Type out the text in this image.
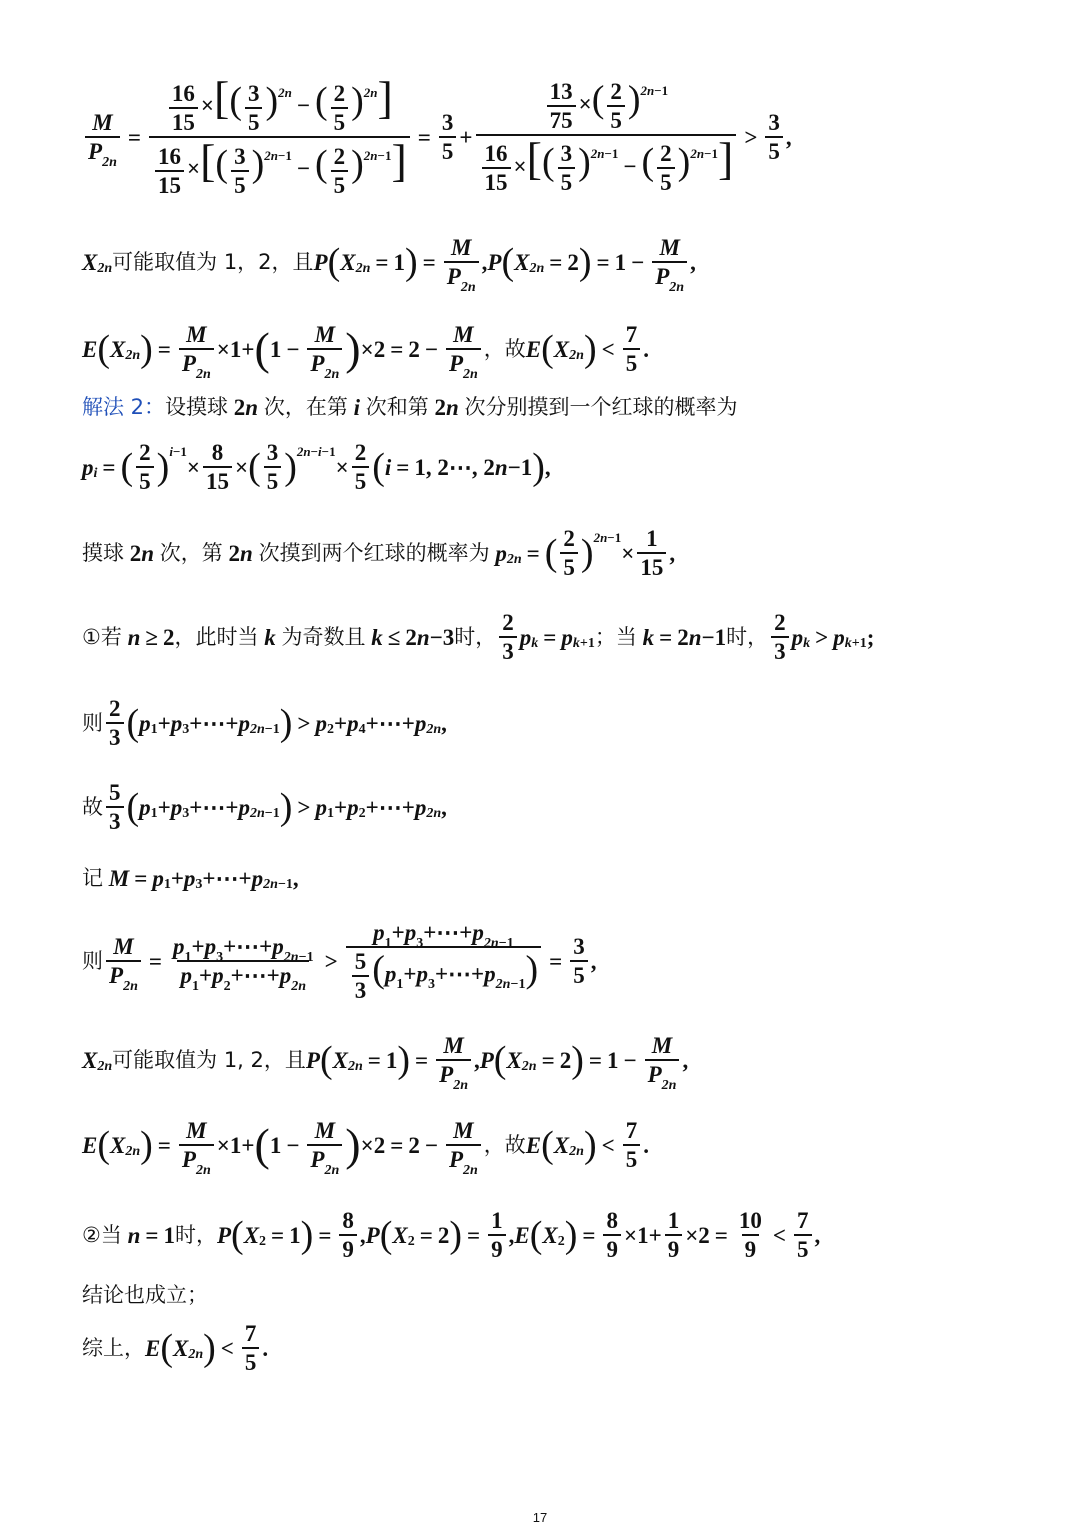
$\frac{M}{P_{2n}} = \frac{\frac{16}{15} \times[( \frac{3}{5} )^{2n}- ( \frac{2}{5} )^{2n}]}{\frac{16}{15} \times[( \frac{3}{5} )^{2n-1}- ( \frac{2}{5} )^{2n-1}]} = \frac{3}{5} + \frac{\frac{13}{75} \times( \frac{2}{5} )^{2n-1}}{\frac{16}{15} \times[( \frac{3}{5} )^{2n-1}- ( \frac{2}{5} )^{2n-1}]} > \frac{3}{5}$ ,
X 2n 可能取值为 1，2，且 P ( X 2n = 1 ) = $\frac{M}{P_{2n}}$ , P ( X 2n = 2 ) = $1 - \frac{M}{P_{2n}}$ ,
E ( X 2n ) = $\frac{M}{P_{2n}} \times 1+$ ( $1 - \frac{M}{P_{2n}}$ ) $\times 2 = 2 - \frac{M}{P_{2n}}$ ，故 E ( X 2n ) < $\frac{7}{5}$ .
解法 2： 设摸球 2n 次，在第 i 次和第 2n 次分别摸到一个红球的概率为
p i = ( $\frac{2}{5}$ ) i−1
× $\frac{8}{15}$ × ( $\frac{3}{5}$ ) 2n−i−1
× $\frac{2}{5}$ ( i = 1, 2⋯, 2 n −1 ) ,
摸球 2n 次，第 2n 次摸到两个红球的概率为 p 2n = ( $\frac{2}{5}$ ) 2n−1
× $\frac{1}{15}$ ,
①若 n ≥ 2 ，此时当 k 为奇数且 k ≤ 2 n −3 时， $\frac{2}{3}$ p k = p k+1 ；当 k = 2 n −1 时， $\frac{2}{3}$ p k > p k+1 ;
则 $\frac{2}{3}$ ( p 1 + p 3 +⋯+ p 2n−1 ) > p 2 + p 4 +⋯+ p 2n ,
故 $\frac{5}{3}$ ( p 1 + p 3 +⋯+ p 2n−1 ) > p 1 + p 2 +⋯+ p 2n ,
记 M = p 1 + p 3 +⋯+ p 2n−1 ,
则 $\frac{M}{P_{2n}} = \frac{p_1+p_3+\cdots+p_{2n-1}}{p_1+p_2+\cdots+p_{2n}} > \frac{p_1+p_3+\cdots+p_{2n-1}}{\frac{5}{3} (p_1+p_3+\cdots+p_{2n-1})} = \frac{3}{5}$ ,
X 2n 可能取值为 1, 2，且 P ( X 2n = 1 ) = $\frac{M}{P_{2n}}$ , P ( X 2n = 2 ) = $1 - \frac{M}{P_{2n}}$ ,
E ( X 2n ) = $\frac{M}{P_{2n}} \times 1+$ ( $1 - \frac{M}{P_{2n}}$ ) $\times 2 = 2 - \frac{M}{P_{2n}}$ ，故 E ( X 2n ) < $\frac{7}{5}$ .
②当 n = 1 时， P ( X 2 = 1 ) = $\frac{8}{9}$ , P ( X 2 = 2 ) = $\frac{1}{9}$ , E ( X 2 ) = $\frac{8}{9} \times 1+ \frac{1}{9} \times 2 = \frac{10}{9} < \frac{7}{5}$ ,
结论也成立；
综上， E ( X 2n ) < $\frac{7}{5}$ .
17
